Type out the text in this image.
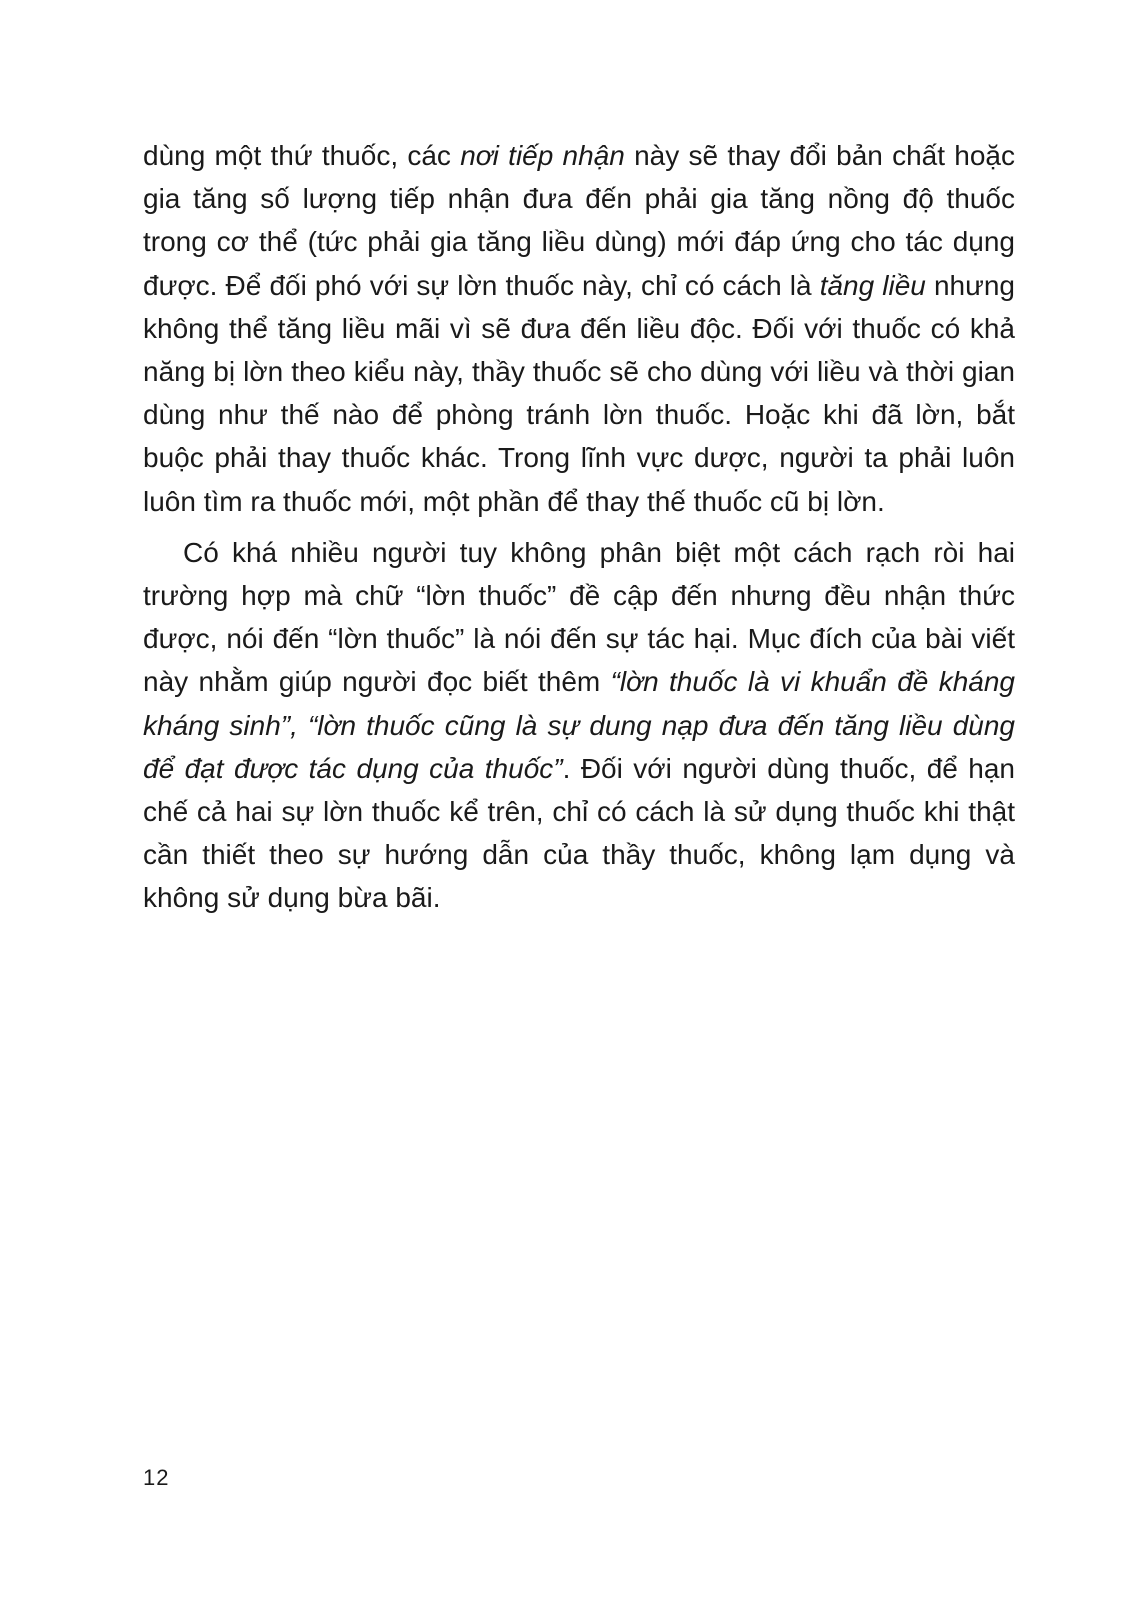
dùng một thứ thuốc, các nơi tiếp nhận này sẽ thay đổi bản chất hoặc gia tăng số lượng tiếp nhận đưa đến phải gia tăng nồng độ thuốc trong cơ thể (tức phải gia tăng liều dùng) mới đáp ứng cho tác dụng được. Để đối phó với sự lờn thuốc này, chỉ có cách là tăng liều nhưng không thể tăng liều mãi vì sẽ đưa đến liều độc. Đối với thuốc có khả năng bị lờn theo kiểu này, thầy thuốc sẽ cho dùng với liều và thời gian dùng như thế nào để phòng tránh lờn thuốc. Hoặc khi đã lờn, bắt buộc phải thay thuốc khác. Trong lĩnh vực dược, người ta phải luôn luôn tìm ra thuốc mới, một phần để thay thế thuốc cũ bị lờn.

Có khá nhiều người tuy không phân biệt một cách rạch ròi hai trường hợp mà chữ “lờn thuốc” đề cập đến nhưng đều nhận thức được, nói đến “lờn thuốc” là nói đến sự tác hại. Mục đích của bài viết này nhằm giúp người đọc biết thêm “lờn thuốc là vi khuẩn đề kháng kháng sinh”, “lờn thuốc cũng là sự dung nạp đưa đến tăng liều dùng để đạt được tác dụng của thuốc”. Đối với người dùng thuốc, để hạn chế cả hai sự lờn thuốc kể trên, chỉ có cách là sử dụng thuốc khi thật cần thiết theo sự hướng dẫn của thầy thuốc, không lạm dụng và không sử dụng bừa bãi.

12
